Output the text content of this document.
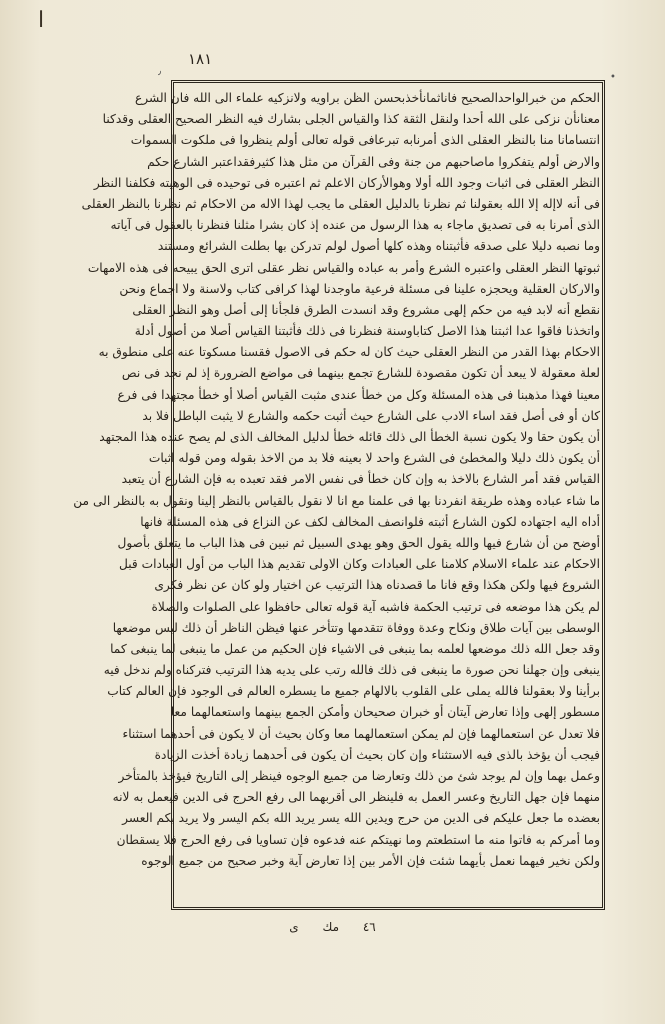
ا
١٨١
٫
•
الحكم من خبرالواحدالصحيح فاناثمانأخذبحسن الظن براويه ولانزكيه علماء الى الله فان الشرع
معنانأن نزكى على الله أحدا ولنقل الثقة كذا والقياس الجلى بشارك فيه النظر الصحيح العقلى وقدكنا
انتسامانا منا بالنظر العقلى الذى أمرنابه تبرعافى قوله تعالى أولم ينظروا فى ملكوت السموات
والارض أولم يتفكروا ماصاحبهم من جنة وفى القرآن من مثل هذا كثيرفقداعتبر الشارع حكم
النظر العقلى فى اثبات وجود الله أولا وهوالأركان الاعلم ثم اعتبره فى توحيده فى الوهيته فكلفنا النظر
فى أنه لاإله إلا الله بعقولنا ثم نظرنا بالدليل العقلى ما يجب لهذا الاله من الاحكام ثم نظرنا بالنظر العقلى
الذى أمرنا به فى تصديق ماجاء به هذا الرسول من عنده إذ كان بشرا مثلنا فنظرنا بالعقول فى آياته
وما نصبه دليلا على صدقه فأثبتناه وهذه كلها أصول لولم تدركن بها بطلت الشرائع ومستند
ثبوتها النظر العقلى واعتبره الشرع وأمر به عباده والقياس نظر عقلى اترى الحق يبيحه فى هذه الامهات
والاركان العقلية ويحجزه علينا فى مسئلة فرعية ماوجدنا لهذا كرافى كتاب ولاسنة ولا اجماع ونحن
نقطع أنه لابد فيه من حكم إلهى مشروع وقد انسدت الطرق فلجأنا إلى أصل وهو النظر العقلى
واتخذنا فاقوا عدا اثبتنا هذا الاصل كتاباوسنة فنظرنا فى ذلك فأثبتنا القياس أصلا من أصول أدلة
الاحكام بهذا القدر من النظر العقلى حيث كان له حكم فى الاصول فقسنا مسكوتا عنه على منطوق به
لعلة معقولة لا يبعد أن تكون مقصودة للشارع تجمع بينهما فى مواضع الضرورة إذ لم نجد فى نص
معينا فهذا مذهبنا فى هذه المسئلة وكل من خطأ عندى مثبت القياس أصلا أو خطأ مجتهدا فى فرع
كان أو فى أصل فقد اساء الادب على الشارع حيث أثبت حكمه والشارع لا يثبت الباطل فلا بد
أن يكون حقا ولا يكون نسبة الخطأ الى ذلك قائله خطأ لدليل المخالف الذى لم يصح عنده هذا المجتهد
أن يكون ذلك دليلا والمخطئ فى الشرع واحد لا بعينه فلا بد من الاخذ بقوله ومن قوله اثبات
القياس فقد أمر الشارع بالاخذ به وإن كان خطأ فى نفس الامر فقد تعبده به فإن الشارع أن يتعبد
ما شاء عباده وهذه طريقة انفردنا بها فى علمنا مع انا لا نقول بالقياس بالنظر إلينا ونقول به بالنظر الى من
أداه اليه اجتهاده لكون الشارع أثبته فلوانصف المخالف لكف عن النزاع فى هذه المسئلة فانها
أوضح من أن شارع فيها والله يقول الحق وهو يهدى السبيل ثم نبين فى هذا الباب ما يتعلق بأصول
الاحكام عند علماء الاسلام كلامنا على العبادات وكان الاولى تقديم هذا الباب من أول العبادات قبل
الشروع فيها ولكن هكذا وقع فانا ما قصدناه هذا الترتيب عن اختيار ولو كان عن نظر فكرى
لم يكن هذا موضعه فى ترتيب الحكمة فاشبه آية قوله تعالى حافظوا على الصلوات والصلاة
الوسطى بين آيات طلاق ونكاح وعدة ووفاة تتقدمها وتتأخر عنها فيظن الناظر أن ذلك ليس موضعها
وقد جعل الله ذلك موضعها لعلمه بما ينبغى فى الاشياء فإن الحكيم من عمل ما ينبغى لما ينبغى كما
ينبغى وإن جهلنا نحن صورة ما ينبغى فى ذلك فالله رتب على يديه هذا الترتيب فتركناه ولم ندخل فيه
برأينا ولا بعقولنا فالله يملى على القلوب بالالهام جميع ما يسطره العالم فى الوجود فإن العالم كتاب
مسطور إلهى وإذا تعارض آيتان أو خبران صحيحان وأمكن الجمع بينهما واستعمالهما معا
فلا تعدل عن استعمالهما فإن لم يمكن استعمالهما معا وكان بحيث أن لا يكون فى أحدهما استثناء
فيجب أن يؤخذ بالذى فيه الاستثناء وإن كان بحيث أن يكون فى أحدهما زيادة أخذت الزيادة
وعمل بهما وإن لم يوجد شئ من ذلك وتعارضا من جميع الوجوه فينظر إلى التاريخ فيؤخذ بالمتأخر
منهما فإن جهل التاريخ وعسر العمل به فلينظر الى أقربهما الى رفع الحرج فى الدين فيعمل به لانه
بعضده ما جعل عليكم فى الدين من حرج ويدين الله يسر يريد الله بكم اليسر ولا يريد بكم العسر
وما أمركم به فاتوا منه ما استطعتم وما نهيتكم عنه فدعوه فإن تساويا فى رفع الحرج فلا يسقطان
ولكن نخير فيهما نعمل بأيهما شئت فإن الأمر بين إذا تعارض آية وخبر صحيح من جميع الوجوه
٤٦ مك ى
